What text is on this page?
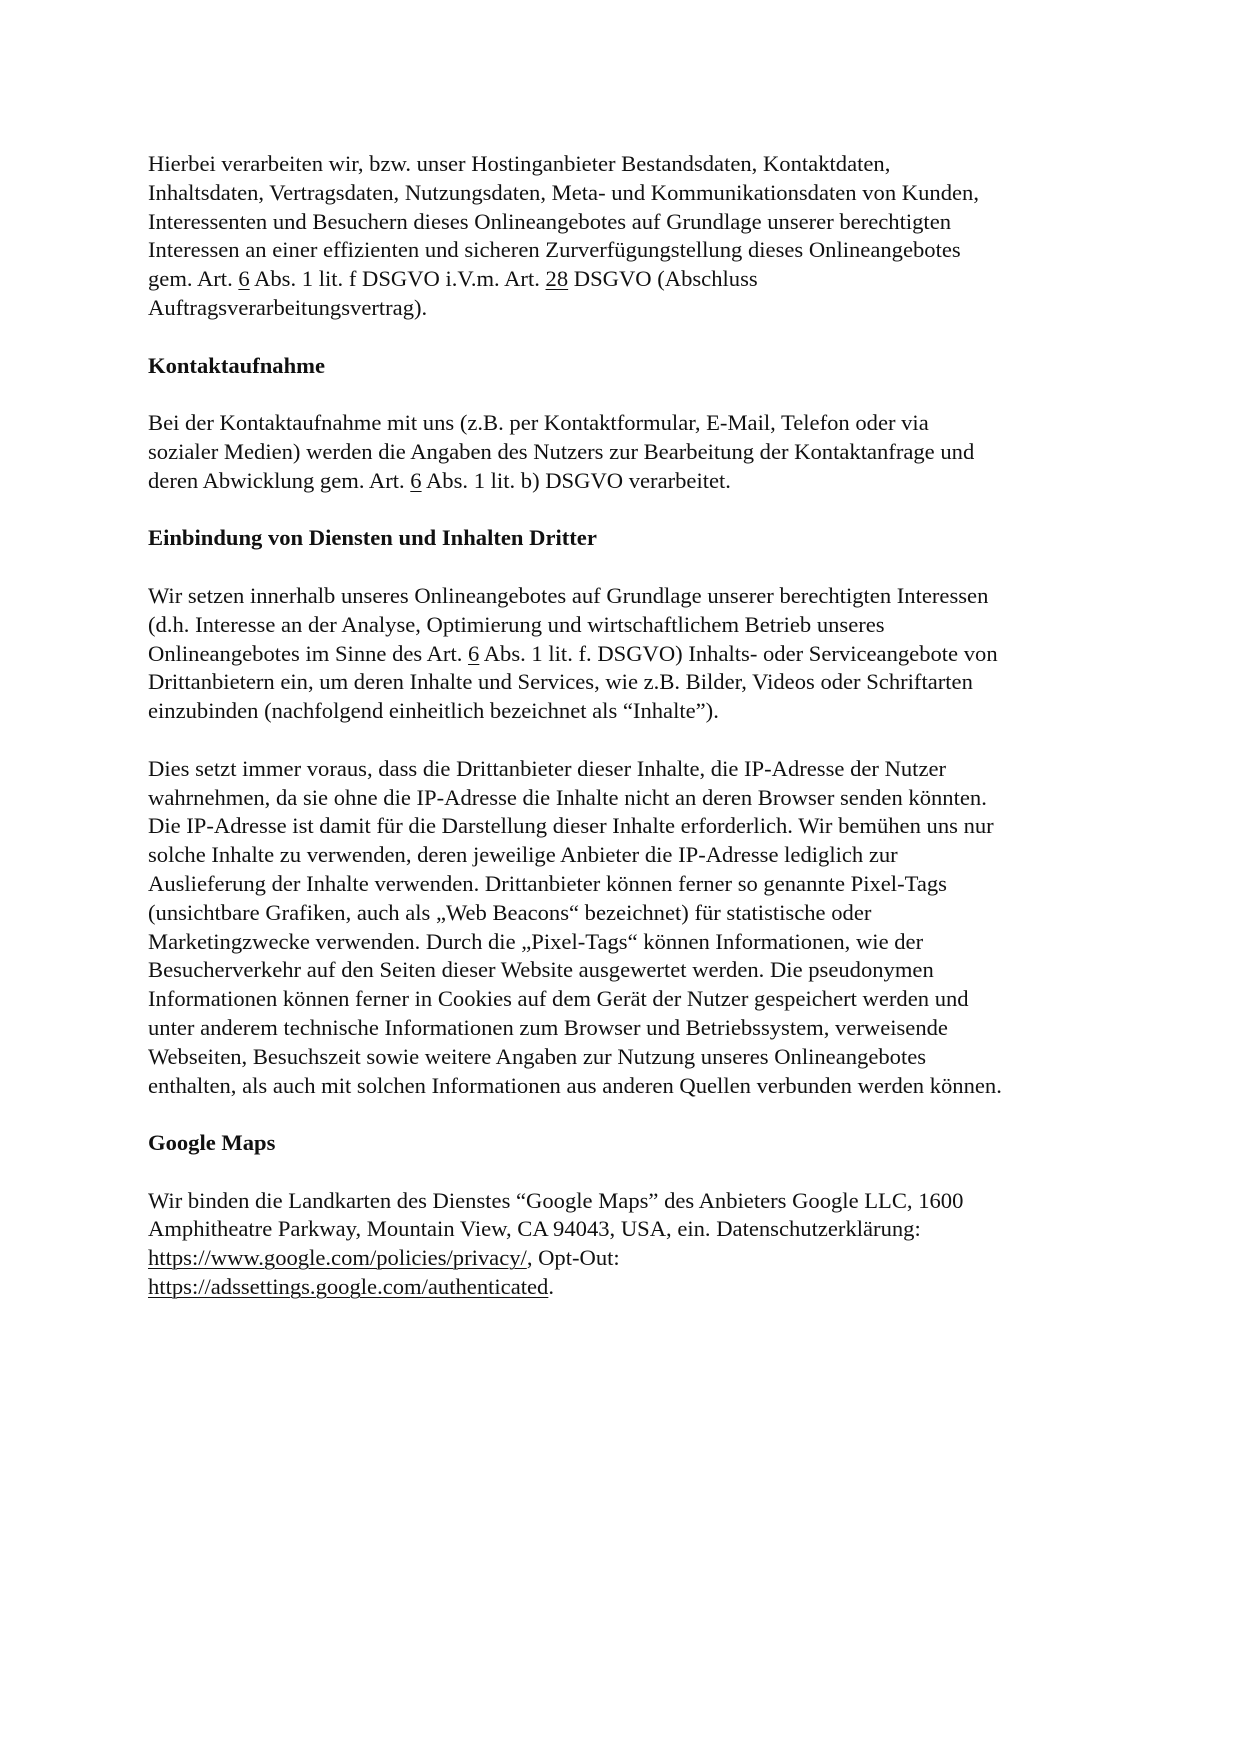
Hierbei verarbeiten wir, bzw. unser Hostinganbieter Bestandsdaten, Kontaktdaten,
Inhaltsdaten, Vertragsdaten, Nutzungsdaten, Meta- und Kommunikationsdaten von Kunden,
Interessenten und Besuchern dieses Onlineangebotes auf Grundlage unserer berechtigten
Interessen an einer effizienten und sicheren Zurverfügungstellung dieses Onlineangebotes
gem. Art. 6 Abs. 1 lit. f DSGVO i.V.m. Art. 28 DSGVO (Abschluss
Auftragsverarbeitungsvertrag).

Kontaktaufnahme

Bei der Kontaktaufnahme mit uns (z.B. per Kontaktformular, E-Mail, Telefon oder via
sozialer Medien) werden die Angaben des Nutzers zur Bearbeitung der Kontaktanfrage und
deren Abwicklung gem. Art. 6 Abs. 1 lit. b) DSGVO verarbeitet.

Einbindung von Diensten und Inhalten Dritter

Wir setzen innerhalb unseres Onlineangebotes auf Grundlage unserer berechtigten Interessen
(d.h. Interesse an der Analyse, Optimierung und wirtschaftlichem Betrieb unseres
Onlineangebotes im Sinne des Art. 6 Abs. 1 lit. f. DSGVO) Inhalts- oder Serviceangebote von
Drittanbietern ein, um deren Inhalte und Services, wie z.B. Bilder, Videos oder Schriftarten
einzubinden (nachfolgend einheitlich bezeichnet als “Inhalte”).

Dies setzt immer voraus, dass die Drittanbieter dieser Inhalte, die IP-Adresse der Nutzer
wahrnehmen, da sie ohne die IP-Adresse die Inhalte nicht an deren Browser senden könnten.
Die IP-Adresse ist damit für die Darstellung dieser Inhalte erforderlich. Wir bemühen uns nur
solche Inhalte zu verwenden, deren jeweilige Anbieter die IP-Adresse lediglich zur
Auslieferung der Inhalte verwenden. Drittanbieter können ferner so genannte Pixel-Tags
(unsichtbare Grafiken, auch als „Web Beacons“ bezeichnet) für statistische oder
Marketingzwecke verwenden. Durch die „Pixel-Tags“ können Informationen, wie der
Besucherverkehr auf den Seiten dieser Website ausgewertet werden. Die pseudonymen
Informationen können ferner in Cookies auf dem Gerät der Nutzer gespeichert werden und
unter anderem technische Informationen zum Browser und Betriebssystem, verweisende
Webseiten, Besuchszeit sowie weitere Angaben zur Nutzung unseres Onlineangebotes
enthalten, als auch mit solchen Informationen aus anderen Quellen verbunden werden können.

Google Maps

Wir binden die Landkarten des Dienstes “Google Maps” des Anbieters Google LLC, 1600
Amphitheatre Parkway, Mountain View, CA 94043, USA, ein. Datenschutzerklärung:
https://www.google.com/policies/privacy/, Opt-Out:
https://adssettings.google.com/authenticated.
